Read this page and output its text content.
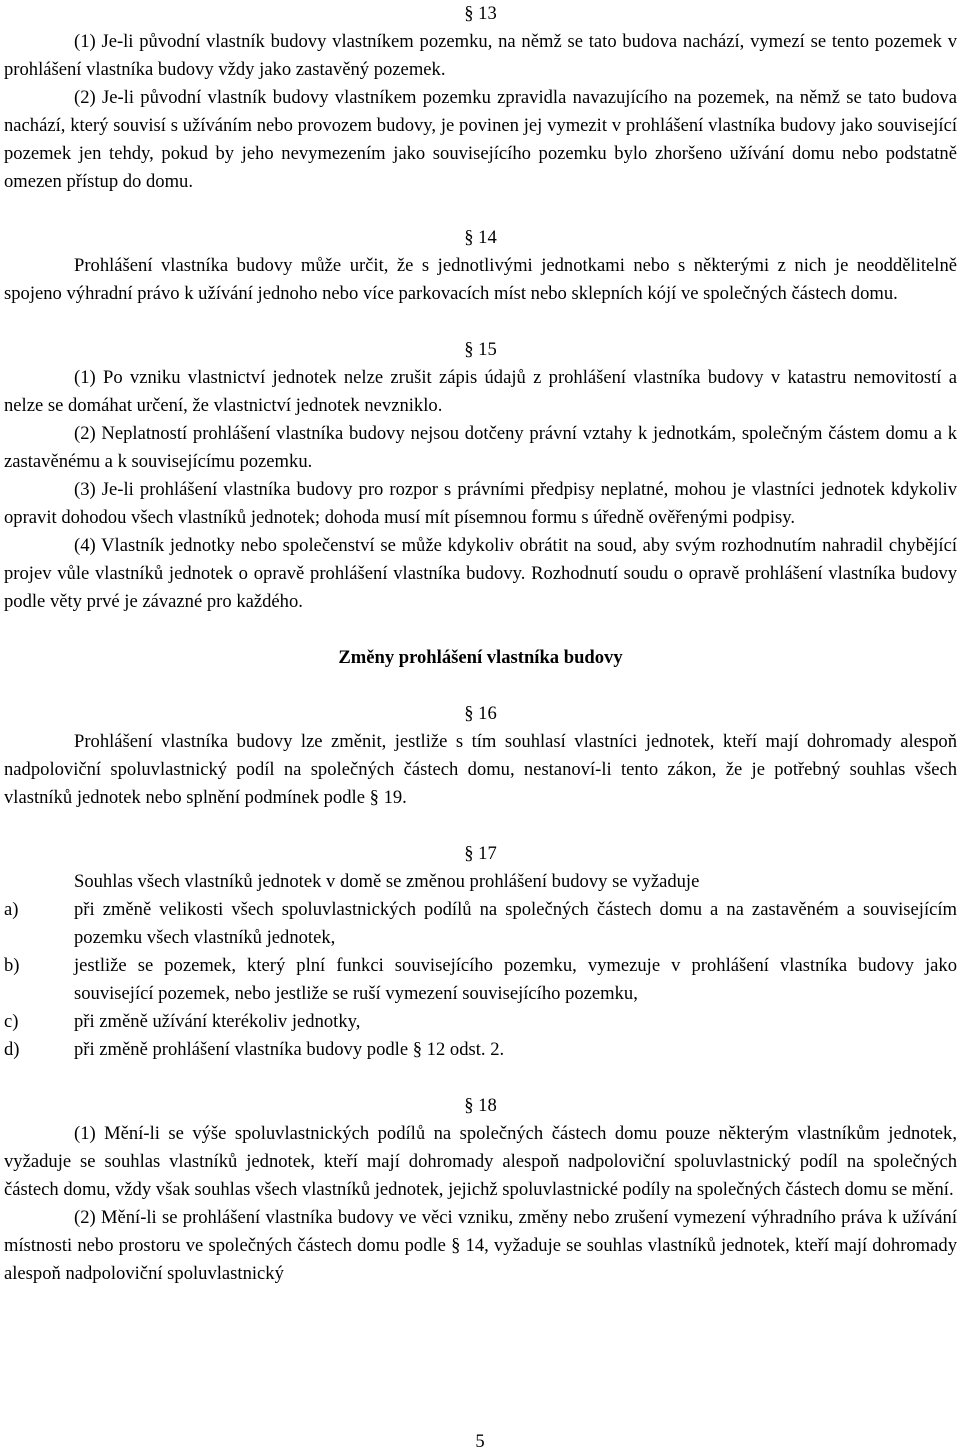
§ 13

(1) Je-li původní vlastník budovy vlastníkem pozemku, na němž se tato budova nachází, vymezí se tento pozemek v prohlášení vlastníka budovy vždy jako zastavěný pozemek.

(2) Je-li původní vlastník budovy vlastníkem pozemku zpravidla navazujícího na pozemek, na němž se tato budova nachází, který souvisí s užíváním nebo provozem budovy, je povinen jej vymezit v prohlášení vlastníka budovy jako související pozemek jen tehdy, pokud by jeho nevymezením jako souvisejícího pozemku bylo zhoršeno užívání domu nebo podstatně omezen přístup do domu.

§ 14

Prohlášení vlastníka budovy může určit, že s jednotlivými jednotkami nebo s některými z nich je neoddělitelně spojeno výhradní právo k užívání jednoho nebo více parkovacích míst nebo sklepních kójí ve společných částech domu.

§ 15

(1) Po vzniku vlastnictví jednotek nelze zrušit zápis údajů z prohlášení vlastníka budovy v katastru nemovitostí a nelze se domáhat určení, že vlastnictví jednotek nevzniklo.

(2) Neplatností prohlášení vlastníka budovy nejsou dotčeny právní vztahy k jednotkám, společným částem domu a k zastavěnému a k souvisejícímu pozemku.

(3) Je-li prohlášení vlastníka budovy pro rozpor s právními předpisy neplatné, mohou je vlastníci jednotek kdykoliv opravit dohodou všech vlastníků jednotek; dohoda musí mít písemnou formu s úředně ověřenými podpisy.

(4) Vlastník jednotky nebo společenství se může kdykoliv obrátit na soud, aby svým rozhodnutím nahradil chybějící projev vůle vlastníků jednotek o opravě prohlášení vlastníka budovy. Rozhodnutí soudu o opravě prohlášení vlastníka budovy podle věty prvé je závazné pro každého.

Změny prohlášení vlastníka budovy

§ 16

Prohlášení vlastníka budovy lze změnit, jestliže s tím souhlasí vlastníci jednotek, kteří mají dohromady alespoň nadpoloviční spoluvlastnický podíl na společných částech domu, nestanoví-li tento zákon, že je potřebný souhlas všech vlastníků jednotek nebo splnění podmínek podle § 19.

§ 17

Souhlas všech vlastníků jednotek v domě se změnou prohlášení budovy se vyžaduje

a)	při změně velikosti všech spoluvlastnických podílů na společných částech domu a na zastavěném a souvisejícím pozemku všech vlastníků jednotek,
b)	jestliže se pozemek, který plní funkci souvisejícího pozemku, vymezuje v prohlášení vlastníka budovy jako související pozemek, nebo jestliže se ruší vymezení souvisejícího pozemku,
c)	při změně užívání kterékoliv jednotky,
d)	při změně prohlášení vlastníka budovy podle § 12 odst. 2.

§ 18

(1) Mění-li se výše spoluvlastnických podílů na společných částech domu pouze některým vlastníkům jednotek, vyžaduje se souhlas vlastníků jednotek, kteří mají dohromady alespoň nadpoloviční spoluvlastnický podíl na společných částech domu, vždy však souhlas všech vlastníků jednotek, jejichž spoluvlastnické podíly na společných částech domu se mění.

(2) Mění-li se prohlášení vlastníka budovy ve věci vzniku, změny nebo zrušení vymezení výhradního práva k užívání místnosti nebo prostoru ve společných částech domu podle § 14, vyžaduje se souhlas vlastníků jednotek, kteří mají dohromady alespoň nadpoloviční spoluvlastnický

5
